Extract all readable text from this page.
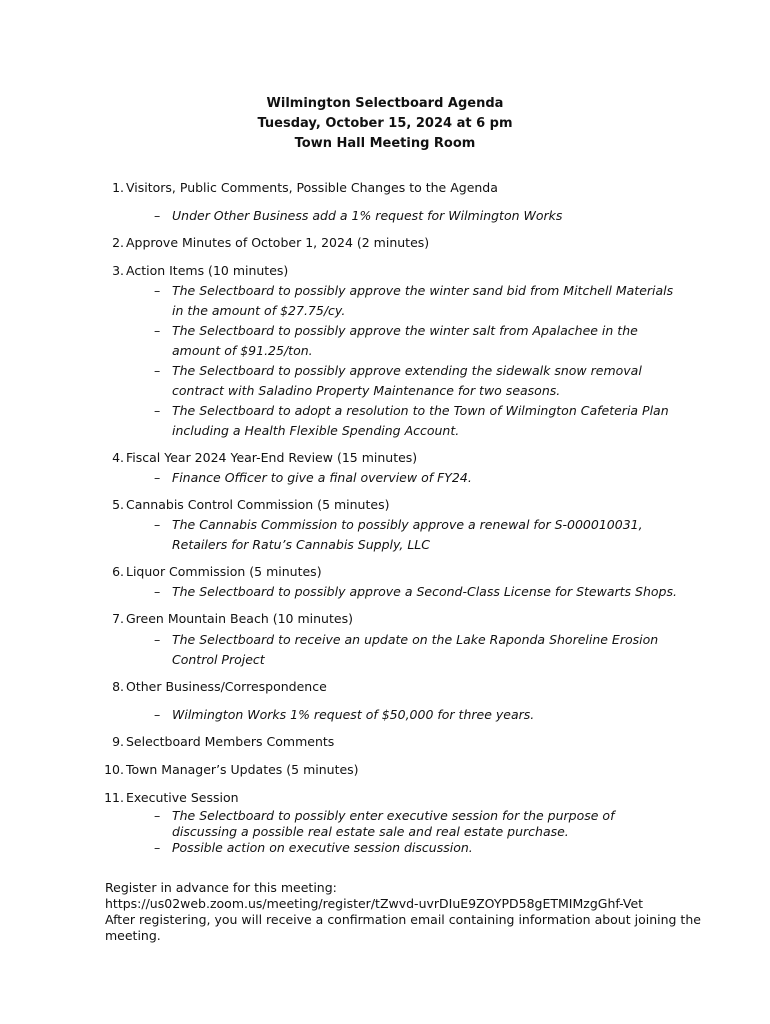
Wilmington Selectboard Agenda
Tuesday, October 15, 2024 at 6 pm
Town Hall Meeting Room
1. Visitors, Public Comments, Possible Changes to the Agenda
– Under Other Business add a 1% request for Wilmington Works
2. Approve Minutes of October 1, 2024 (2 minutes)
3. Action Items (10 minutes)
– The Selectboard to possibly approve the winter sand bid from Mitchell Materials in the amount of $27.75/cy.
– The Selectboard to possibly approve the winter salt from Apalachee in the amount of $91.25/ton.
– The Selectboard to possibly approve extending the sidewalk snow removal contract with Saladino Property Maintenance for two seasons.
– The Selectboard to adopt a resolution to the Town of Wilmington Cafeteria Plan including a Health Flexible Spending Account.
4. Fiscal Year 2024 Year-End Review (15 minutes)
– Finance Officer to give a final overview of FY24.
5. Cannabis Control Commission (5 minutes)
– The Cannabis Commission to possibly approve a renewal for S-000010031, Retailers for Ratu’s Cannabis Supply, LLC
6. Liquor Commission (5 minutes)
– The Selectboard to possibly approve a Second-Class License for Stewarts Shops.
7. Green Mountain Beach (10 minutes)
– The Selectboard to receive an update on the Lake Raponda Shoreline Erosion Control Project
8. Other Business/Correspondence
– Wilmington Works 1% request of $50,000 for three years.
9. Selectboard Members Comments
10. Town Manager’s Updates (5 minutes)
11. Executive Session
– The Selectboard to possibly enter executive session for the purpose of discussing a possible real estate sale and real estate purchase.
– Possible action on executive session discussion.
Register in advance for this meeting:
https://us02web.zoom.us/meeting/register/tZwvd-uvrDIuE9ZOYPD58gETMIMzgGhf-Vet
After registering, you will receive a confirmation email containing information about joining the meeting.
